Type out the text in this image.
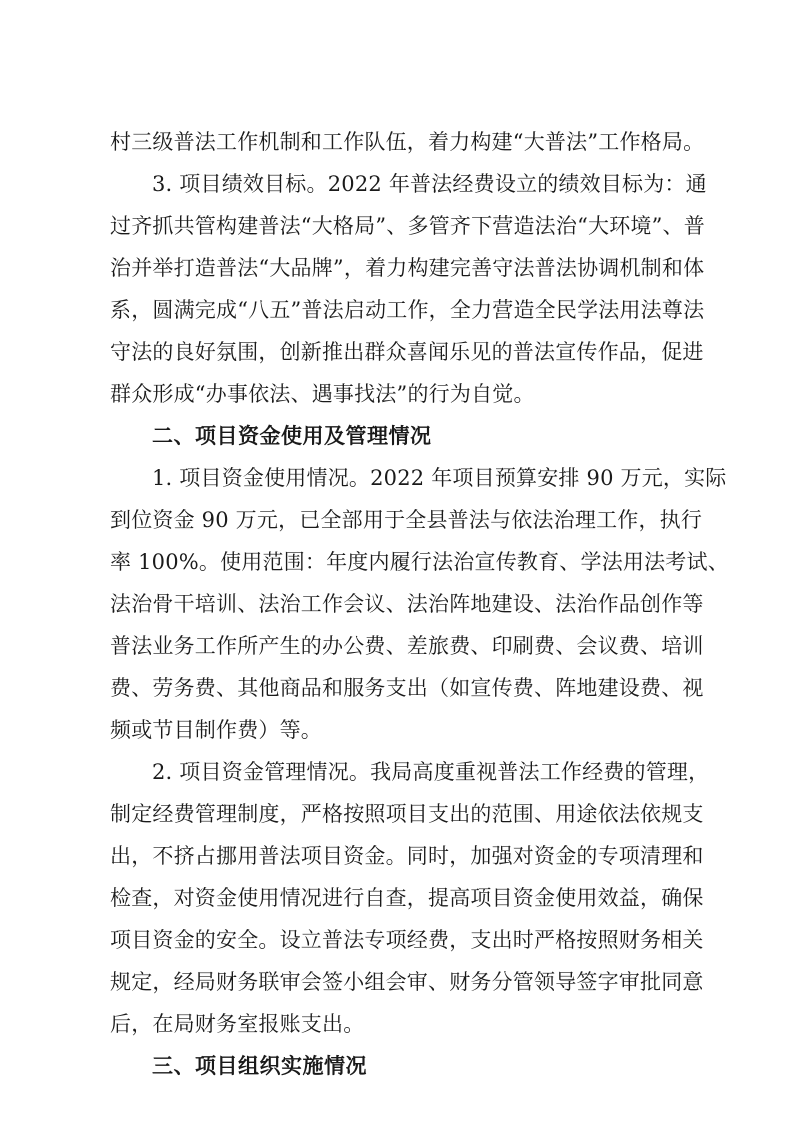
村三级普法工作机制和工作队伍，着力构建“大普法”工作格局。
3. 项目绩效目标。2022 年普法经费设立的绩效目标为：通
过齐抓共管构建普法“大格局”、多管齐下营造法治“大环境”、普
治并举打造普法“大品牌”，着力构建完善守法普法协调机制和体
系，圆满完成“八五”普法启动工作，全力营造全民学法用法尊法
守法的良好氛围，创新推出群众喜闻乐见的普法宣传作品，促进
群众形成“办事依法、遇事找法”的行为自觉。
二、项目资金使用及管理情况
1. 项目资金使用情况。2022 年项目预算安排 90 万元，实际
到位资金 90 万元，已全部用于全县普法与依法治理工作，执行
率 100%。使用范围：年度内履行法治宣传教育、学法用法考试、
法治骨干培训、法治工作会议、法治阵地建设、法治作品创作等
普法业务工作所产生的办公费、差旅费、印刷费、会议费、培训
费、劳务费、其他商品和服务支出（如宣传费、阵地建设费、视
频或节目制作费）等。
2. 项目资金管理情况。我局高度重视普法工作经费的管理，
制定经费管理制度，严格按照项目支出的范围、用途依法依规支
出，不挤占挪用普法项目资金。同时，加强对资金的专项清理和
检查，对资金使用情况进行自查，提高项目资金使用效益，确保
项目资金的安全。设立普法专项经费，支出时严格按照财务相关
规定，经局财务联审会签小组会审、财务分管领导签字审批同意
后，在局财务室报账支出。
三、项目组织实施情况
